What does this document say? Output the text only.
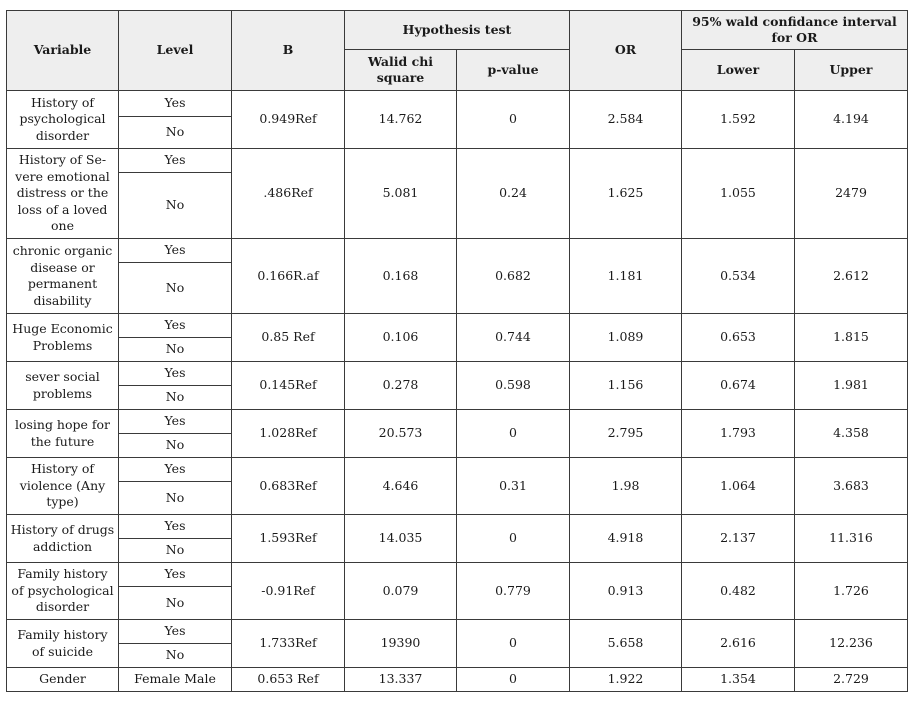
Variable	Level	B	Hypothesis test		OR	95% wald confidance interval for OR	
			Walid chi square	p-value		Lower	Upper
History of psychological disorder	Yes	0.949Ref	14.762	0	2.584	1.592	4.194
	No						
History of Se-vere emotional distress or the loss of a loved one	Yes	.486Ref	5.081	0.24	1.625	1.055	2479
	No						
chronic organic disease or permanent disability	Yes	0.166R.af	0.168	0.682	1.181	0.534	2.612
	No						
Huge Economic Problems	Yes	0.85 Ref	0.106	0.744	1.089	0.653	1.815
	No						
sever social problems	Yes	0.145Ref	0.278	0.598	1.156	0.674	1.981
	No						
losing hope for the future	Yes	1.028Ref	20.573	0	2.795	1.793	4.358
	No						
History of violence (Any type)	Yes	0.683Ref	4.646	0.31	1.98	1.064	3.683
	No						
History of drugs addiction	Yes	1.593Ref	14.035	0	4.918	2.137	11.316
	No						
Family history of psychological disorder	Yes	-0.91Ref	0.079	0.779	0.913	0.482	1.726
	No						
Family history of suicide	Yes	1.733Ref	19390	0	5.658	2.616	12.236
	No						
Gender	Female Male	0.653 Ref	13.337	0	1.922	1.354	2.729
